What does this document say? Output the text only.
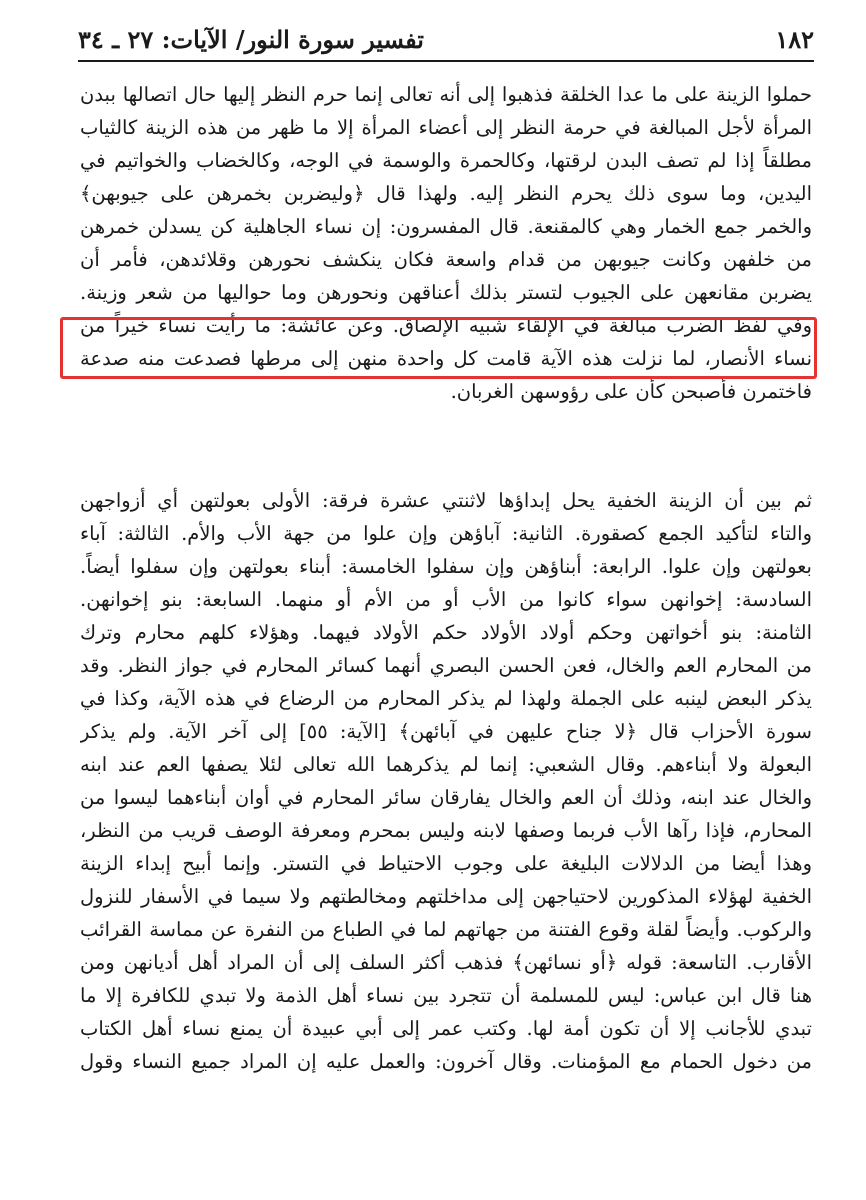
١٨٢
تفسير سورة النور/ الآيات: ٢٧ ـ ٣٤
حملوا الزينة على ما عدا الخلقة فذهبوا إلى أنه تعالى إنما حرم النظر إليها حال اتصالها ببدن
المرأة لأجل المبالغة في حرمة النظر إلى أعضاء المرأة إلا ما ظهر من هذه الزينة كالثياب
مطلقاً إذا لم تصف البدن لرقتها، وكالحمرة والوسمة في الوجه، وكالخضاب والخواتيم في
اليدين، وما سوى ذلك يحرم النظر إليه. ولهذا قال ﴿وليضربن بخمرهن على جيوبهن﴾
والخمر جمع الخمار وهي كالمقنعة. قال المفسرون: إن نساء الجاهلية كن يسدلن خمرهن
من خلفهن وكانت جيوبهن من قدام واسعة فكان ينكشف نحورهن وقلائدهن، فأمر أن
يضربن مقانعهن على الجيوب لتستر بذلك أعناقهن ونحورهن وما حواليها من شعر وزينة.
وفي لفظ الضرب مبالغة في الإلقاء شبيه الإلصاق. وعن عائشة: ما رأيت نساء خيراً من
نساء الأنصار، لما نزلت هذه الآية قامت كل واحدة منهن إلى مرطها فصدعت منه صدعة
فاختمرن فأصبحن كأن على رؤوسهن الغربان.
ثم بين أن الزينة الخفية يحل إبداؤها لاثنتي عشرة فرقة: الأولى بعولتهن أي أزواجهن
والتاء لتأكيد الجمع كصقورة. الثانية: آباؤهن وإن علوا من جهة الأب والأم. الثالثة: آباء
بعولتهن وإن علوا. الرابعة: أبناؤهن وإن سفلوا الخامسة: أبناء بعولتهن وإن سفلوا أيضاً.
السادسة: إخوانهن سواء كانوا من الأب أو من الأم أو منهما. السابعة: بنو إخوانهن.
الثامنة: بنو أخواتهن وحكم أولاد الأولاد حكم الأولاد فيهما. وهؤلاء كلهم محارم وترك
من المحارم العم والخال، فعن الحسن البصري أنهما كسائر المحارم في جواز النظر. وقد
يذكر البعض لينبه على الجملة ولهذا لم يذكر المحارم من الرضاع في هذه الآية، وكذا في
سورة الأحزاب قال ﴿لا جناح عليهن في آبائهن﴾ [الآية: ٥٥] إلى آخر الآية. ولم يذكر
البعولة ولا أبناءهم. وقال الشعبي: إنما لم يذكرهما الله تعالى لئلا يصفها العم عند ابنه
والخال عند ابنه، وذلك أن العم والخال يفارقان سائر المحارم في أوان أبناءهما ليسوا من
المحارم، فإذا رآها الأب فربما وصفها لابنه وليس بمحرم ومعرفة الوصف قريب من النظر،
وهذا أيضا من الدلالات البليغة على وجوب الاحتياط في التستر. وإنما أبيح إبداء الزينة
الخفية لهؤلاء المذكورين لاحتياجهن إلى مداخلتهم ومخالطتهم ولا سيما في الأسفار للنزول
والركوب. وأيضاً لقلة وقوع الفتنة من جهاتهم لما في الطباع من النفرة عن مماسة القرائب
الأقارب. التاسعة: قوله ﴿أو نسائهن﴾ فذهب أكثر السلف إلى أن المراد أهل أديانهن ومن
هنا قال ابن عباس: ليس للمسلمة أن تتجرد بين نساء أهل الذمة ولا تبدي للكافرة إلا ما
تبدي للأجانب إلا أن تكون أمة لها. وكتب عمر إلى أبي عبيدة أن يمنع نساء أهل الكتاب
من دخول الحمام مع المؤمنات. وقال آخرون: والعمل عليه إن المراد جميع النساء وقول
